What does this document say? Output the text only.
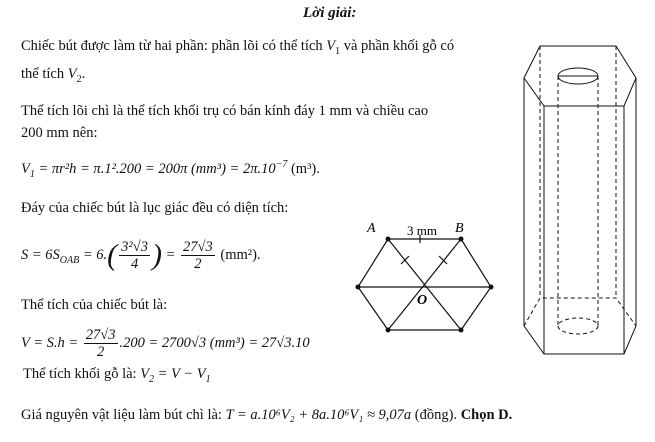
Lời giải:
Chiếc bút được làm từ hai phần: phần lõi có thể tích $V_1$ và phần khối gỗ có
thể tích $V_2$.
Thể tích lõi chì là thể tích khối trụ có bán kính đáy 1 mm và chiều cao
200 mm nên:
$V_1 = \pi r^2h = \pi.1^2.200 = 200\pi$ $(mm^3) = 2\pi.10^{-7}$ (m³).
Đáy của chiếc bút là lục giác đều có diện tích:
$S = 6S_{OAB} = 6.( \frac{\text{3²√3}}{4}$ ) = $\frac{27√3}{2} (mm^2)$.
Thể tích của chiếc bút là:
$V = S.h = \frac{27√3}{2} .200 = 2700√3$ (mm³) = 27√3.10
Thể tích khối gỗ là: $V_2 = V - V_1$
Giá nguyên vật liệu làm bút chì là: T = a.10⁶V₂ + 8a.10⁶V₁ ≈ 9,07a (đồng). Chọn D.
A	B
3 mm
O
